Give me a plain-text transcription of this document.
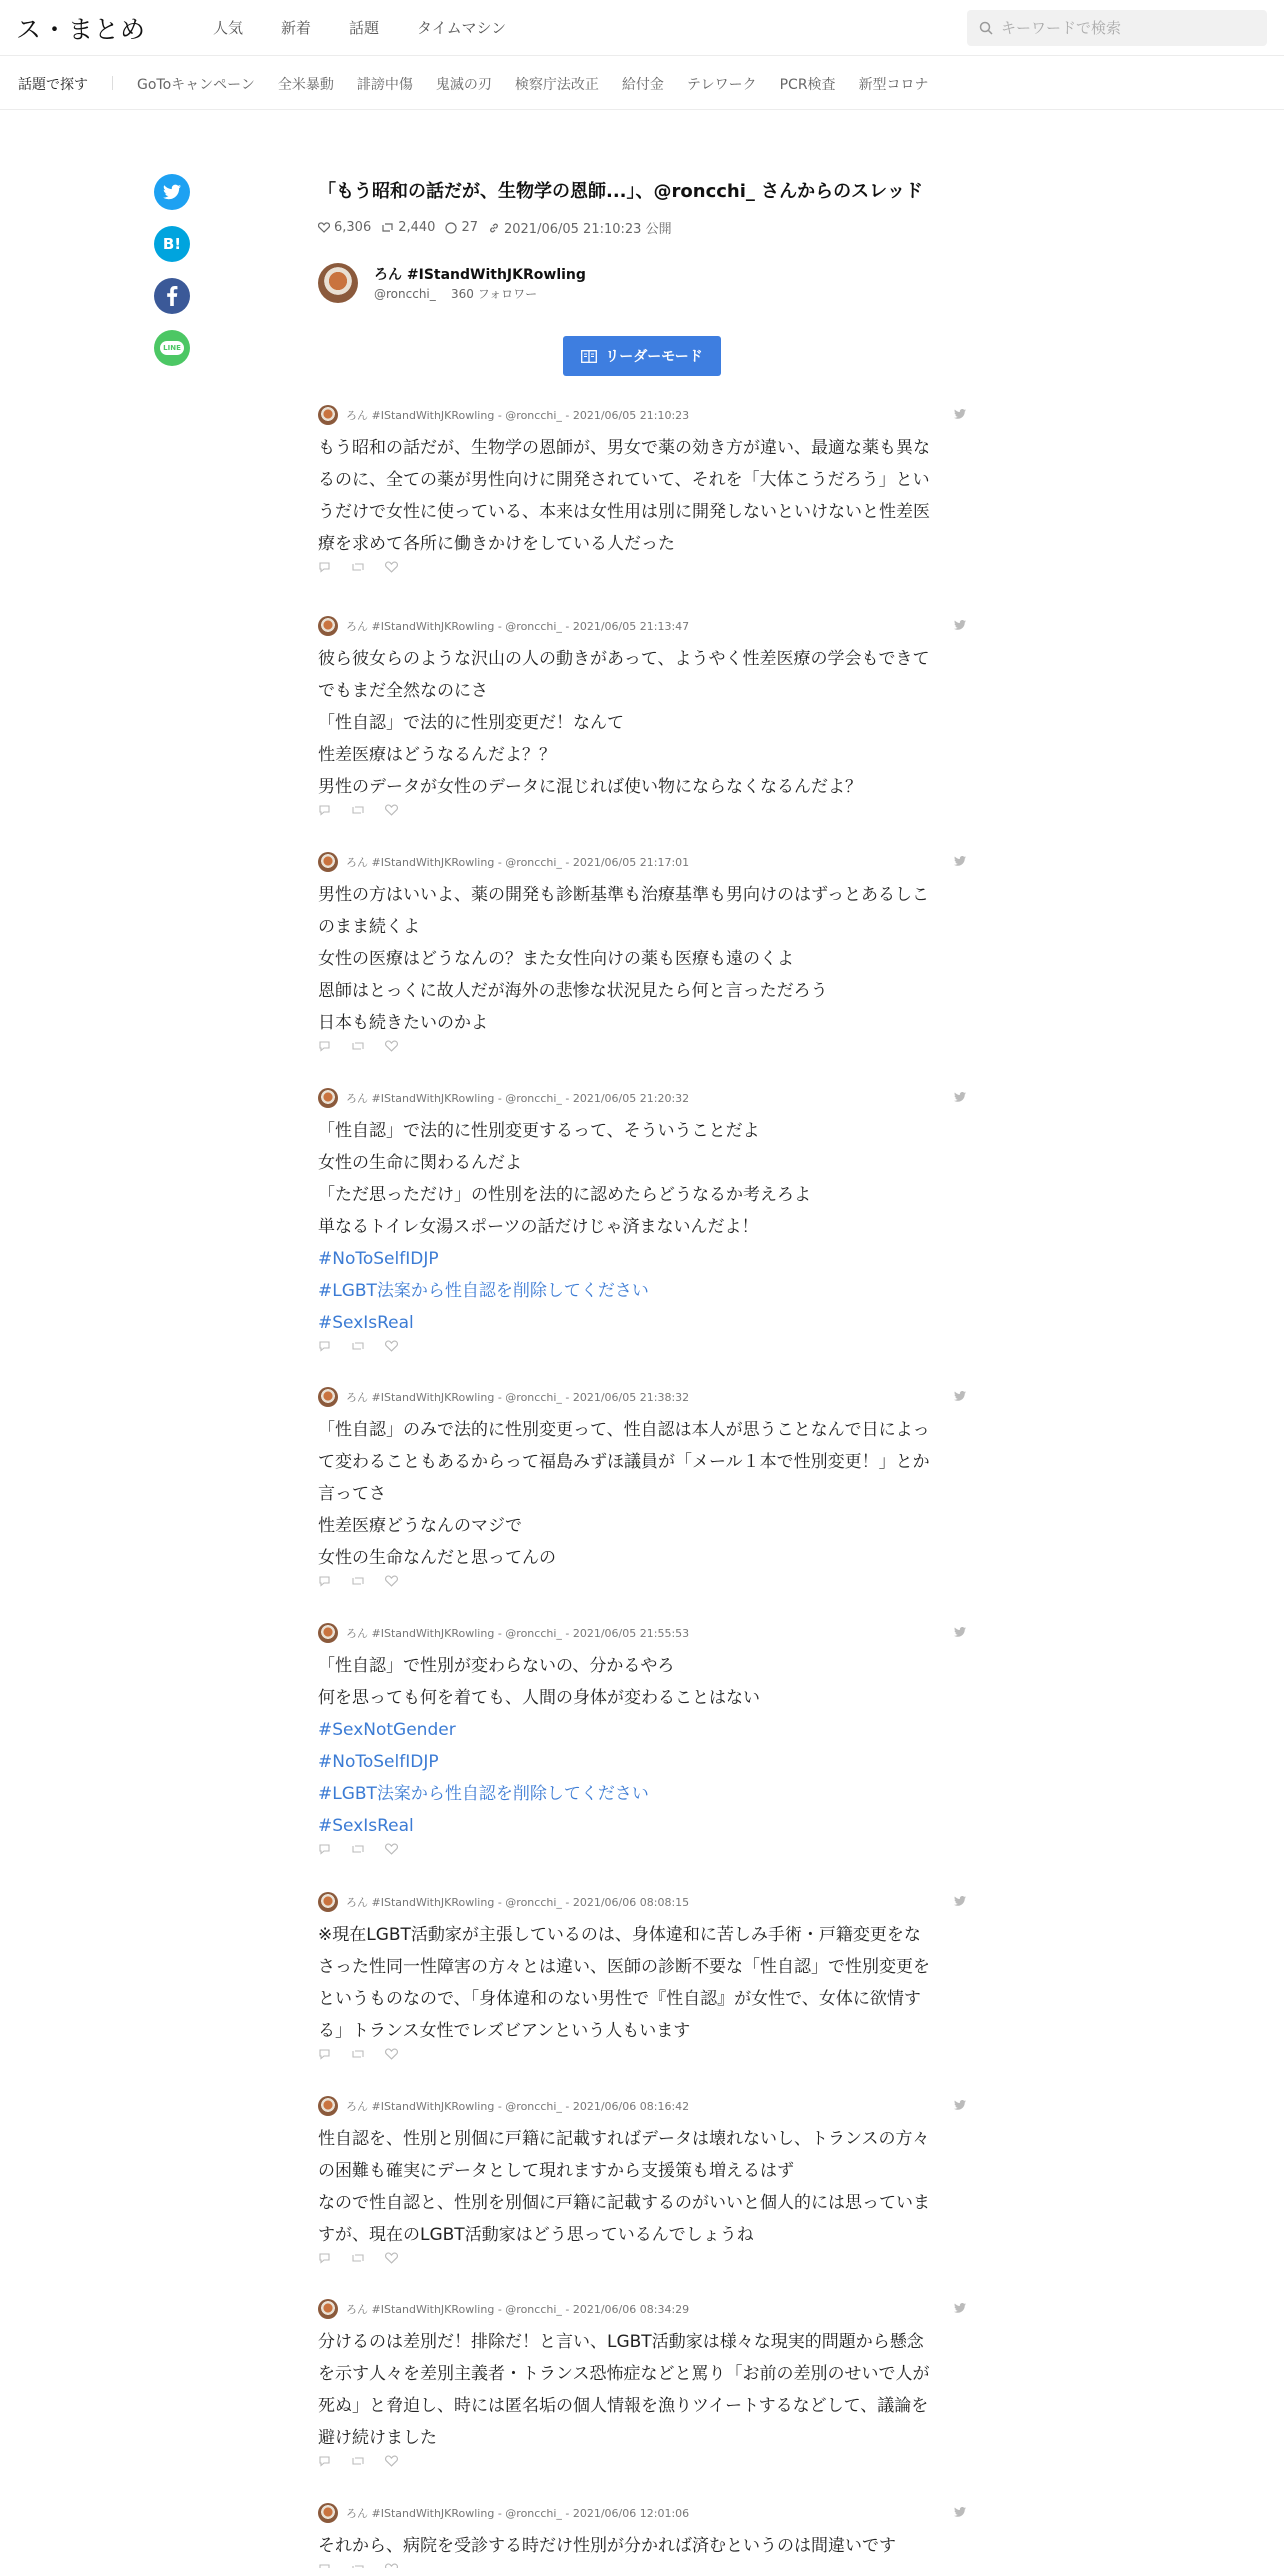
ス・まとめ	人気	新着	話題	タイムマシン
キーワードで検索
話題で探す	GoToキャンペーン 全米暴動 誹謗中傷 鬼滅の刃 検察庁法改正 給付金 テレワーク PCR検査 新型コロナ
B!
LINE
「もう昭和の話だが、生物学の恩師...」、@roncchi_ さんからのスレッド
6,306 2,440 27 2021/06/05 21:10:23 公開
ろん #IStandWithJKRowling
@roncchi_ 360 フォロワー
リーダーモード
ろん #IStandWithJKRowling - @roncchi_ - 2021/06/05 21:10:23
もう昭和の話だが、生物学の恩師が、男女で薬の効き方が違い、最適な薬も異な
るのに、全ての薬が男性向けに開発されていて、それを「大体こうだろう」とい
うだけで女性に使っている、本来は女性用は別に開発しないといけないと性差医
療を求めて各所に働きかけをしている人だった
ろん #IStandWithJKRowling - @roncchi_ - 2021/06/05 21:13:47
彼ら彼女らのような沢山の人の動きがあって、ようやく性差医療の学会もできて
でもまだ全然なのにさ
「性自認」で法的に性別変更だ！なんて
性差医療はどうなるんだよ？？
男性のデータが女性のデータに混じれば使い物にならなくなるんだよ？
ろん #IStandWithJKRowling - @roncchi_ - 2021/06/05 21:17:01
男性の方はいいよ、薬の開発も診断基準も治療基準も男向けのはずっとあるしこ
のまま続くよ
女性の医療はどうなんの？また女性向けの薬も医療も遠のくよ
恩師はとっくに故人だが海外の悲惨な状況見たら何と言っただろう
日本も続きたいのかよ
ろん #IStandWithJKRowling - @roncchi_ - 2021/06/05 21:20:32
「性自認」で法的に性別変更するって、そういうことだよ
女性の生命に関わるんだよ
「ただ思っただけ」の性別を法的に認めたらどうなるか考えろよ
単なるトイレ女湯スポーツの話だけじゃ済まないんだよ！
#NoToSelfIDJP
#LGBT法案から性自認を削除してください
#SexIsReal
ろん #IStandWithJKRowling - @roncchi_ - 2021/06/05 21:38:32
「性自認」のみで法的に性別変更って、性自認は本人が思うことなんで日によっ
て変わることもあるからって福島みずほ議員が「メール１本で性別変更！」とか
言ってさ
性差医療どうなんのマジで
女性の生命なんだと思ってんの
ろん #IStandWithJKRowling - @roncchi_ - 2021/06/05 21:55:53
「性自認」で性別が変わらないの、分かるやろ
何を思っても何を着ても、人間の身体が変わることはない
#SexNotGender
#NoToSelfIDJP
#LGBT法案から性自認を削除してください
#SexIsReal
ろん #IStandWithJKRowling - @roncchi_ - 2021/06/06 08:08:15
※現在LGBT活動家が主張しているのは、身体違和に苦しみ手術・戸籍変更をな
さった性同一性障害の方々とは違い、医師の診断不要な「性自認」で性別変更を
というものなので、「身体違和のない男性で『性自認』が女性で、女体に欲情す
る」トランス女性でレズビアンという人もいます
ろん #IStandWithJKRowling - @roncchi_ - 2021/06/06 08:16:42
性自認を、性別と別個に戸籍に記載すればデータは壊れないし、トランスの方々
の困難も確実にデータとして現れますから支援策も増えるはず
なので性自認と、性別を別個に戸籍に記載するのがいいと個人的には思っていま
すが、現在のLGBT活動家はどう思っているんでしょうね
ろん #IStandWithJKRowling - @roncchi_ - 2021/06/06 08:34:29
分けるのは差別だ！排除だ！と言い、LGBT活動家は様々な現実的問題から懸念
を示す人々を差別主義者・トランス恐怖症などと罵り「お前の差別のせいで人が
死ぬ」と脅迫し、時には匿名垢の個人情報を漁りツイートするなどして、議論を
避け続けました
ろん #IStandWithJKRowling - @roncchi_ - 2021/06/06 12:01:06
それから、病院を受診する時だけ性別が分かれば済むというのは間違いです
